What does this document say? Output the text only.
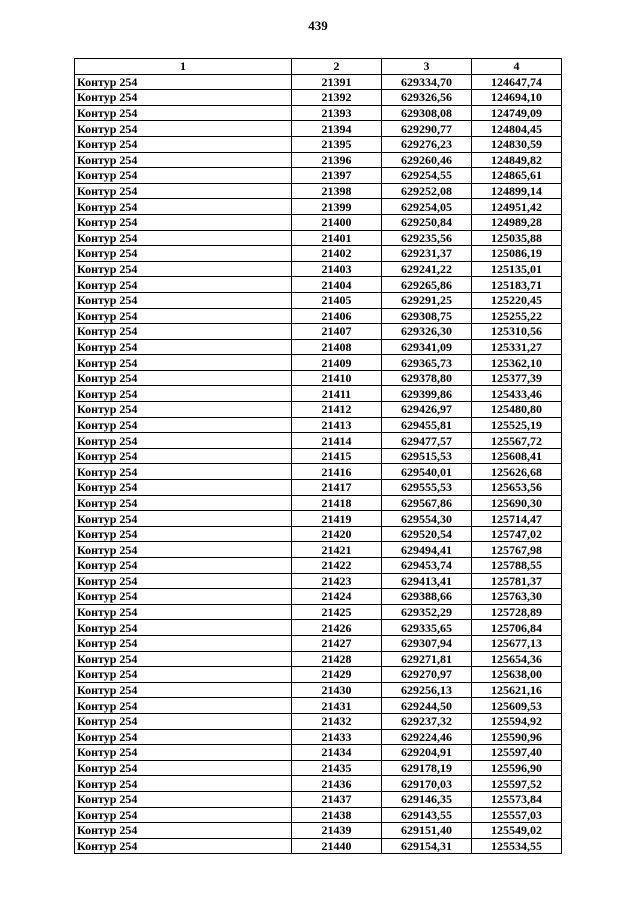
439
1	2	3	4
Контур 254	21391	629334,70	124647,74
Контур 254	21392	629326,56	124694,10
Контур 254	21393	629308,08	124749,09
Контур 254	21394	629290,77	124804,45
Контур 254	21395	629276,23	124830,59
Контур 254	21396	629260,46	124849,82
Контур 254	21397	629254,55	124865,61
Контур 254	21398	629252,08	124899,14
Контур 254	21399	629254,05	124951,42
Контур 254	21400	629250,84	124989,28
Контур 254	21401	629235,56	125035,88
Контур 254	21402	629231,37	125086,19
Контур 254	21403	629241,22	125135,01
Контур 254	21404	629265,86	125183,71
Контур 254	21405	629291,25	125220,45
Контур 254	21406	629308,75	125255,22
Контур 254	21407	629326,30	125310,56
Контур 254	21408	629341,09	125331,27
Контур 254	21409	629365,73	125362,10
Контур 254	21410	629378,80	125377,39
Контур 254	21411	629399,86	125433,46
Контур 254	21412	629426,97	125480,80
Контур 254	21413	629455,81	125525,19
Контур 254	21414	629477,57	125567,72
Контур 254	21415	629515,53	125608,41
Контур 254	21416	629540,01	125626,68
Контур 254	21417	629555,53	125653,56
Контур 254	21418	629567,86	125690,30
Контур 254	21419	629554,30	125714,47
Контур 254	21420	629520,54	125747,02
Контур 254	21421	629494,41	125767,98
Контур 254	21422	629453,74	125788,55
Контур 254	21423	629413,41	125781,37
Контур 254	21424	629388,66	125763,30
Контур 254	21425	629352,29	125728,89
Контур 254	21426	629335,65	125706,84
Контур 254	21427	629307,94	125677,13
Контур 254	21428	629271,81	125654,36
Контур 254	21429	629270,97	125638,00
Контур 254	21430	629256,13	125621,16
Контур 254	21431	629244,50	125609,53
Контур 254	21432	629237,32	125594,92
Контур 254	21433	629224,46	125590,96
Контур 254	21434	629204,91	125597,40
Контур 254	21435	629178,19	125596,90
Контур 254	21436	629170,03	125597,52
Контур 254	21437	629146,35	125573,84
Контур 254	21438	629143,55	125557,03
Контур 254	21439	629151,40	125549,02
Контур 254	21440	629154,31	125534,55
